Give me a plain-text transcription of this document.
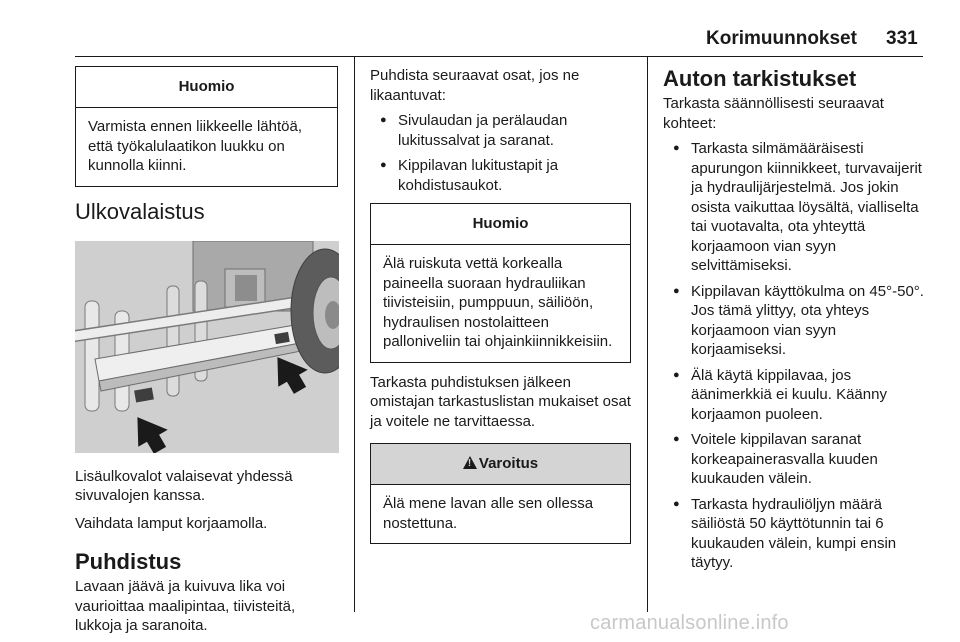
Korimuunnokset 331
Huomio
Varmista ennen liikkeelle lähtöä, että työkalulaatikon luukku on kunnolla kiinni.
Ulkovalaistus

Lisäulkovalot valaisevat yhdessä sivuvalojen kanssa.

Vaihdata lamput korjaamolla.

Puhdistus

Lavaan jäävä ja kuivuva lika voi vaurioittaa maalipintaa, tiivisteitä, lukkoja ja saranoita.

Puhdista seuraavat osat, jos ne likaantuvat:

● Sivulaudan ja perälaudan lukitussalvat ja saranat.
● Kippilavan lukitustapit ja kohdistusaukot.
Huomio
Älä ruiskuta vettä korkealla paineella suoraan hydrauliikan tiivisteisiin, pumppuun, säiliöön, hydraulisen nostolaitteen palloniveliin tai ohjainkiinnikkeisiin.

Tarkasta puhdistuksen jälkeen omistajan tarkastuslistan mukaiset osat ja voitele ne tarvittaessa.

!Varoitus
Älä mene lavan alle sen ollessa nostettuna.
Auton tarkistukset

Tarkasta säännöllisesti seuraavat kohteet:

● Tarkasta silmämääräisesti apurungon kiinnikkeet, turvavaijerit ja hydraulijärjestelmä. Jos jokin osista vaikuttaa löysältä, vialliselta tai vuotavalta, ota yhteyttä korjaamoon vian syyn selvittämiseksi.
● Kippilavan käyttökulma on 45°-50°. Jos tämä ylittyy, ota yhteys korjaamoon vian syyn korjaamiseksi.
● Älä käytä kippilavaa, jos äänimerkkiä ei kuulu. Käänny korjaamon puoleen.
● Voitele kippilavan saranat korkeapainerasvalla kuuden kuukauden välein.
● Tarkasta hydrauliöljyn määrä säiliöstä 50 käyttötunnin tai 6 kuukauden välein, kumpi ensin täytyy.
carmanualsonline.info
